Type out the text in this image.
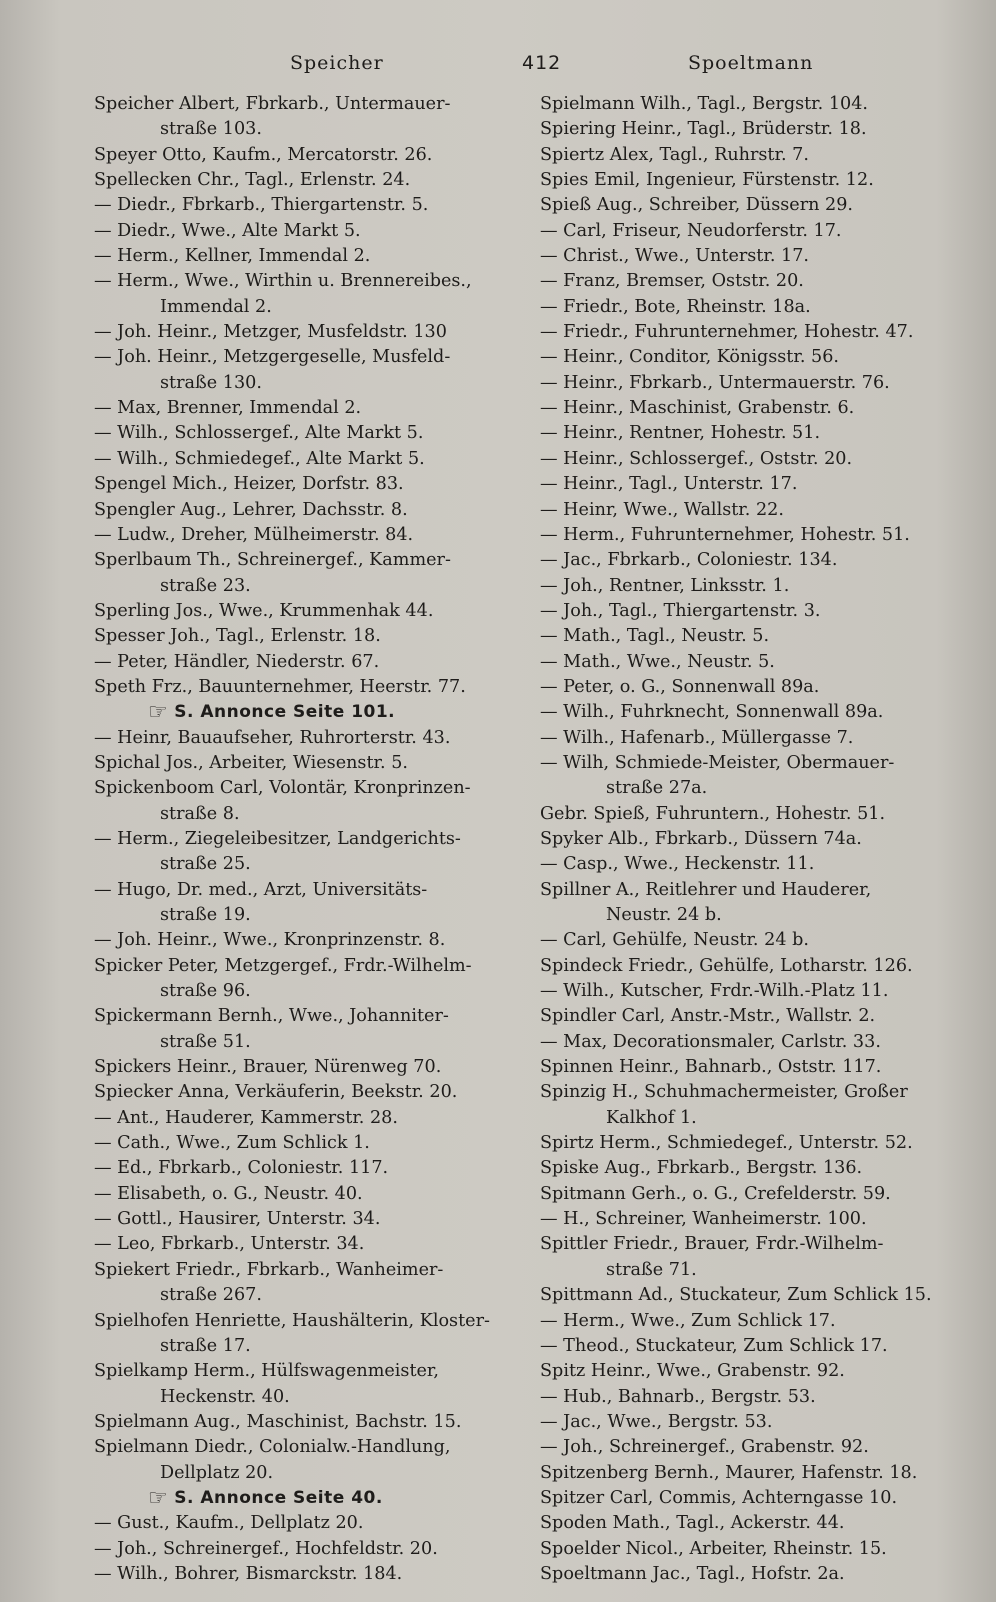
Speicher	412	Spoeltmann
Speicher Albert, Fbrkarb., Untermauer-
straße 103.
Speyer Otto, Kaufm., Mercatorstr. 26.
Spellecken Chr., Tagl., Erlenstr. 24.
— Diedr., Fbrkarb., Thiergartenstr. 5.
— Diedr., Wwe., Alte Markt 5.
— Herm., Kellner, Immendal 2.
— Herm., Wwe., Wirthin u. Brennereibes.,
Immendal 2.
— Joh. Heinr., Metzger, Musfeldstr. 130
— Joh. Heinr., Metzgergeselle, Musfeld-
straße 130.
— Max, Brenner, Immendal 2.
— Wilh., Schlossergef., Alte Markt 5.
— Wilh., Schmiedegef., Alte Markt 5.
Spengel Mich., Heizer, Dorfstr. 83.
Spengler Aug., Lehrer, Dachsstr. 8.
— Ludw., Dreher, Mülheimerstr. 84.
Sperlbaum Th., Schreinergef., Kammer-
straße 23.
Sperling Jos., Wwe., Krummenhak 44.
Spesser Joh., Tagl., Erlenstr. 18.
— Peter, Händler, Niederstr. 67.
Speth Frz., Bauunternehmer, Heerstr. 77.
☞ S. Annonce Seite 101.
— Heinr, Bauaufseher, Ruhrorterstr. 43.
Spichal Jos., Arbeiter, Wiesenstr. 5.
Spickenboom Carl, Volontär, Kronprinzen-
straße 8.
— Herm., Ziegeleibesitzer, Landgerichts-
straße 25.
— Hugo, Dr. med., Arzt, Universitäts-
straße 19.
— Joh. Heinr., Wwe., Kronprinzenstr. 8.
Spicker Peter, Metzgergef., Frdr.-Wilhelm-
straße 96.
Spickermann Bernh., Wwe., Johanniter-
straße 51.
Spickers Heinr., Brauer, Nürenweg 70.
Spiecker Anna, Verkäuferin, Beekstr. 20.
— Ant., Hauderer, Kammerstr. 28.
— Cath., Wwe., Zum Schlick 1.
— Ed., Fbrkarb., Coloniestr. 117.
— Elisabeth, o. G., Neustr. 40.
— Gottl., Hausirer, Unterstr. 34.
— Leo, Fbrkarb., Unterstr. 34.
Spiekert Friedr., Fbrkarb., Wanheimer-
straße 267.
Spielhofen Henriette, Haushälterin, Kloster-
straße 17.
Spielkamp Herm., Hülfswagenmeister,
Heckenstr. 40.
Spielmann Aug., Maschinist, Bachstr. 15.
Spielmann Diedr., Colonialw.-Handlung,
Dellplatz 20.
☞ S. Annonce Seite 40.
— Gust., Kaufm., Dellplatz 20.
— Joh., Schreinergef., Hochfeldstr. 20.
— Wilh., Bohrer, Bismarckstr. 184.
Spielmann Wilh., Tagl., Bergstr. 104.
Spiering Heinr., Tagl., Brüderstr. 18.
Spiertz Alex, Tagl., Ruhrstr. 7.
Spies Emil, Ingenieur, Fürstenstr. 12.
Spieß Aug., Schreiber, Düssern 29.
— Carl, Friseur, Neudorferstr. 17.
— Christ., Wwe., Unterstr. 17.
— Franz, Bremser, Oststr. 20.
— Friedr., Bote, Rheinstr. 18a.
— Friedr., Fuhrunternehmer, Hohestr. 47.
— Heinr., Conditor, Königsstr. 56.
— Heinr., Fbrkarb., Untermauerstr. 76.
— Heinr., Maschinist, Grabenstr. 6.
— Heinr., Rentner, Hohestr. 51.
— Heinr., Schlossergef., Oststr. 20.
— Heinr., Tagl., Unterstr. 17.
— Heinr, Wwe., Wallstr. 22.
— Herm., Fuhrunternehmer, Hohestr. 51.
— Jac., Fbrkarb., Coloniestr. 134.
— Joh., Rentner, Linksstr. 1.
— Joh., Tagl., Thiergartenstr. 3.
— Math., Tagl., Neustr. 5.
— Math., Wwe., Neustr. 5.
— Peter, o. G., Sonnenwall 89a.
— Wilh., Fuhrknecht, Sonnenwall 89a.
— Wilh., Hafenarb., Müllergasse 7.
— Wilh, Schmiede-Meister, Obermauer-
straße 27a.
Gebr. Spieß, Fuhruntern., Hohestr. 51.
Spyker Alb., Fbrkarb., Düssern 74a.
— Casp., Wwe., Heckenstr. 11.
Spillner A., Reitlehrer und Hauderer,
Neustr. 24 b.
— Carl, Gehülfe, Neustr. 24 b.
Spindeck Friedr., Gehülfe, Lotharstr. 126.
— Wilh., Kutscher, Frdr.-Wilh.-Platz 11.
Spindler Carl, Anstr.-Mstr., Wallstr. 2.
— Max, Decorationsmaler, Carlstr. 33.
Spinnen Heinr., Bahnarb., Oststr. 117.
Spinzig H., Schuhmachermeister, Großer
Kalkhof 1.
Spirtz Herm., Schmiedegef., Unterstr. 52.
Spiske Aug., Fbrkarb., Bergstr. 136.
Spitmann Gerh., o. G., Crefelderstr. 59.
— H., Schreiner, Wanheimerstr. 100.
Spittler Friedr., Brauer, Frdr.-Wilhelm-
straße 71.
Spittmann Ad., Stuckateur, Zum Schlick 15.
— Herm., Wwe., Zum Schlick 17.
— Theod., Stuckateur, Zum Schlick 17.
Spitz Heinr., Wwe., Grabenstr. 92.
— Hub., Bahnarb., Bergstr. 53.
— Jac., Wwe., Bergstr. 53.
— Joh., Schreinergef., Grabenstr. 92.
Spitzenberg Bernh., Maurer, Hafenstr. 18.
Spitzer Carl, Commis, Achterngasse 10.
Spoden Math., Tagl., Ackerstr. 44.
Spoelder Nicol., Arbeiter, Rheinstr. 15.
Spoeltmann Jac., Tagl., Hofstr. 2a.
